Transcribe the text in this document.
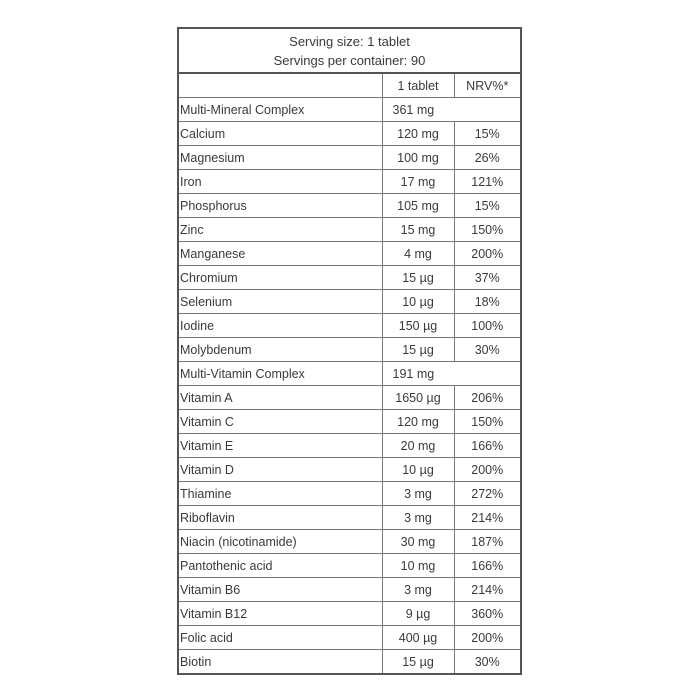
Serving size: 1 tablet
Servings per container: 90
	1 tablet	NRV%*
Multi-Mineral Complex	361 mg	
Calcium	120 mg	15%
Magnesium	100 mg	26%
Iron	17 mg	121%
Phosphorus	105 mg	15%
Zinc	15 mg	150%
Manganese	4 mg	200%
Chromium	15 µg	37%
Selenium	10 µg	18%
Iodine	150 µg	100%
Molybdenum	15 µg	30%
Multi-Vitamin Complex	191 mg	
Vitamin A	1650 µg	206%
Vitamin C	120 mg	150%
Vitamin E	20 mg	166%
Vitamin D	10 µg	200%
Thiamine	3 mg	272%
Riboflavin	3 mg	214%
Niacin (nicotinamide)	30 mg	187%
Pantothenic acid	10 mg	166%
Vitamin B6	3 mg	214%
Vitamin B12	9 µg	360%
Folic acid	400 µg	200%
Biotin	15 µg	30%
